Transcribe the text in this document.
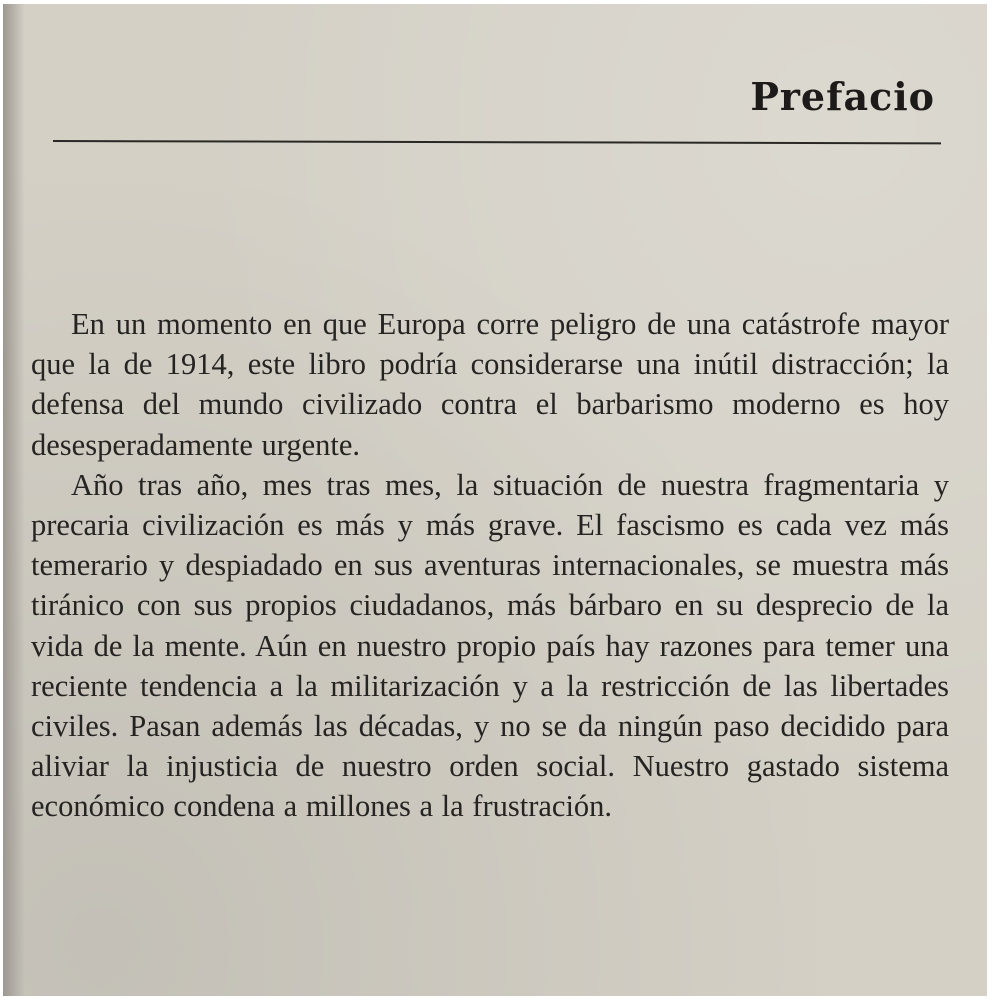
Prefacio

En un momento en que Europa corre peligro de una catástrofe mayor que la de 1914, este libro podría considerarse una inútil distracción; la defensa del mundo civilizado contra el barbarismo moderno es hoy desesperadamente urgente.

Año tras año, mes tras mes, la situación de nuestra fragmentaria y precaria civilización es más y más grave. El fascismo es cada vez más temerario y despiadado en sus aventuras internacionales, se muestra más tiránico con sus propios ciudadanos, más bárbaro en su desprecio de la vida de la mente. Aún en nuestro propio país hay razones para temer una reciente tendencia a la militarización y a la restricción de las libertades civiles. Pasan además las décadas, y no se da ningún paso decidido para aliviar la injusticia de nuestro orden social. Nuestro gastado sistema económico condena a millones a la frustración.
